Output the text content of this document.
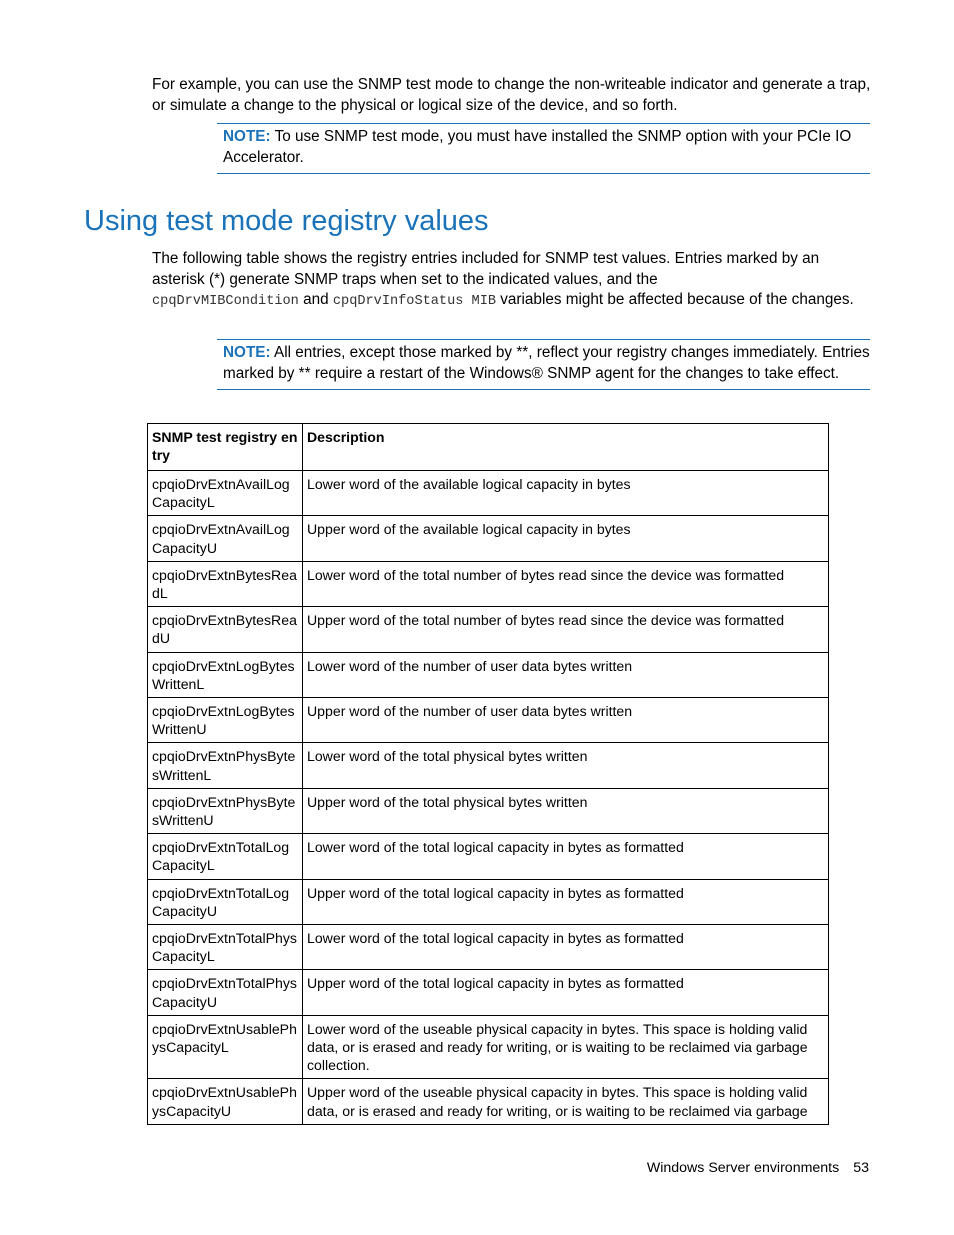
For example, you can use the SNMP test mode to change the non-writeable indicator and generate a trap, or simulate a change to the physical or logical size of the device, and so forth.

NOTE: To use SNMP test mode, you must have installed the SNMP option with your PCIe IO Accelerator.
Using test mode registry values

The following table shows the registry entries included for SNMP test values. Entries marked by an asterisk (*) generate SNMP traps when set to the indicated values, and the
cpqDrvMIBCondition and cpqDrvInfoStatus MIB variables might be affected because of the changes.

NOTE: All entries, except those marked by **, reflect your registry changes immediately. Entries marked by ** require a restart of the Windows® SNMP agent for the changes to take effect.
SNMP test registry entry	Description
cpqioDrvExtnAvailLogCapacityL	Lower word of the available logical capacity in bytes
cpqioDrvExtnAvailLogCapacityU	Upper word of the available logical capacity in bytes
cpqioDrvExtnBytesReadL	Lower word of the total number of bytes read since the device was formatted
cpqioDrvExtnBytesReadU	Upper word of the total number of bytes read since the device was formatted
cpqioDrvExtnLogBytesWrittenL	Lower word of the number of user data bytes written
cpqioDrvExtnLogBytesWrittenU	Upper word of the number of user data bytes written
cpqioDrvExtnPhysBytesWrittenL	Lower word of the total physical bytes written
cpqioDrvExtnPhysBytesWrittenU	Upper word of the total physical bytes written
cpqioDrvExtnTotalLogCapacityL	Lower word of the total logical capacity in bytes as formatted
cpqioDrvExtnTotalLogCapacityU	Upper word of the total logical capacity in bytes as formatted
cpqioDrvExtnTotalPhysCapacityL	Lower word of the total logical capacity in bytes as formatted
cpqioDrvExtnTotalPhysCapacityU	Upper word of the total logical capacity in bytes as formatted
cpqioDrvExtnUsablePhysCapacityL	Lower word of the useable physical capacity in bytes. This space is holding valid data, or is erased and ready for writing, or is waiting to be reclaimed via garbage collection.
cpqioDrvExtnUsablePhysCapacityU	Upper word of the useable physical capacity in bytes. This space is holding valid data, or is erased and ready for writing, or is waiting to be reclaimed via garbage
Windows Server environments 53
